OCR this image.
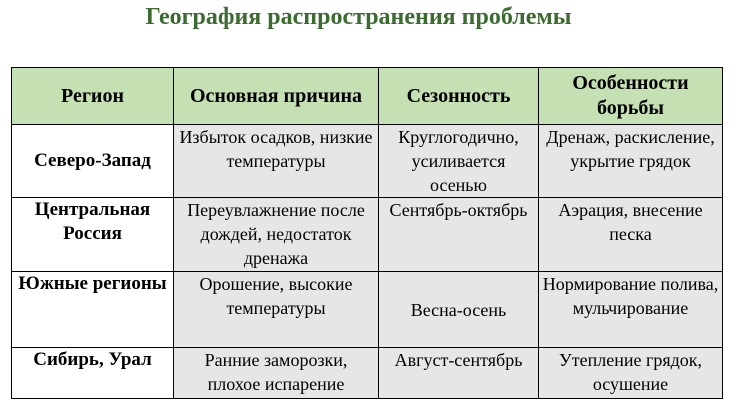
География распространения проблемы
Регион	Основная причина	Сезонность	Особенности борьбы
Северо-Запад	Избыток осадков, низкие температуры	Круглогодично, усиливается осенью	Дренаж, раскисление, укрытие грядок
Центральная Россия	Переувлажнение после дождей, недостаток дренажа	Сентябрь-октябрь	Аэрация, внесение песка
Южные регионы	Орошение, высокие температуры	Весна-осень	Нормирование полива, мульчирование
Сибирь, Урал	Ранние заморозки, плохое испарение	Август-сентябрь	Утепление грядок, осушение
